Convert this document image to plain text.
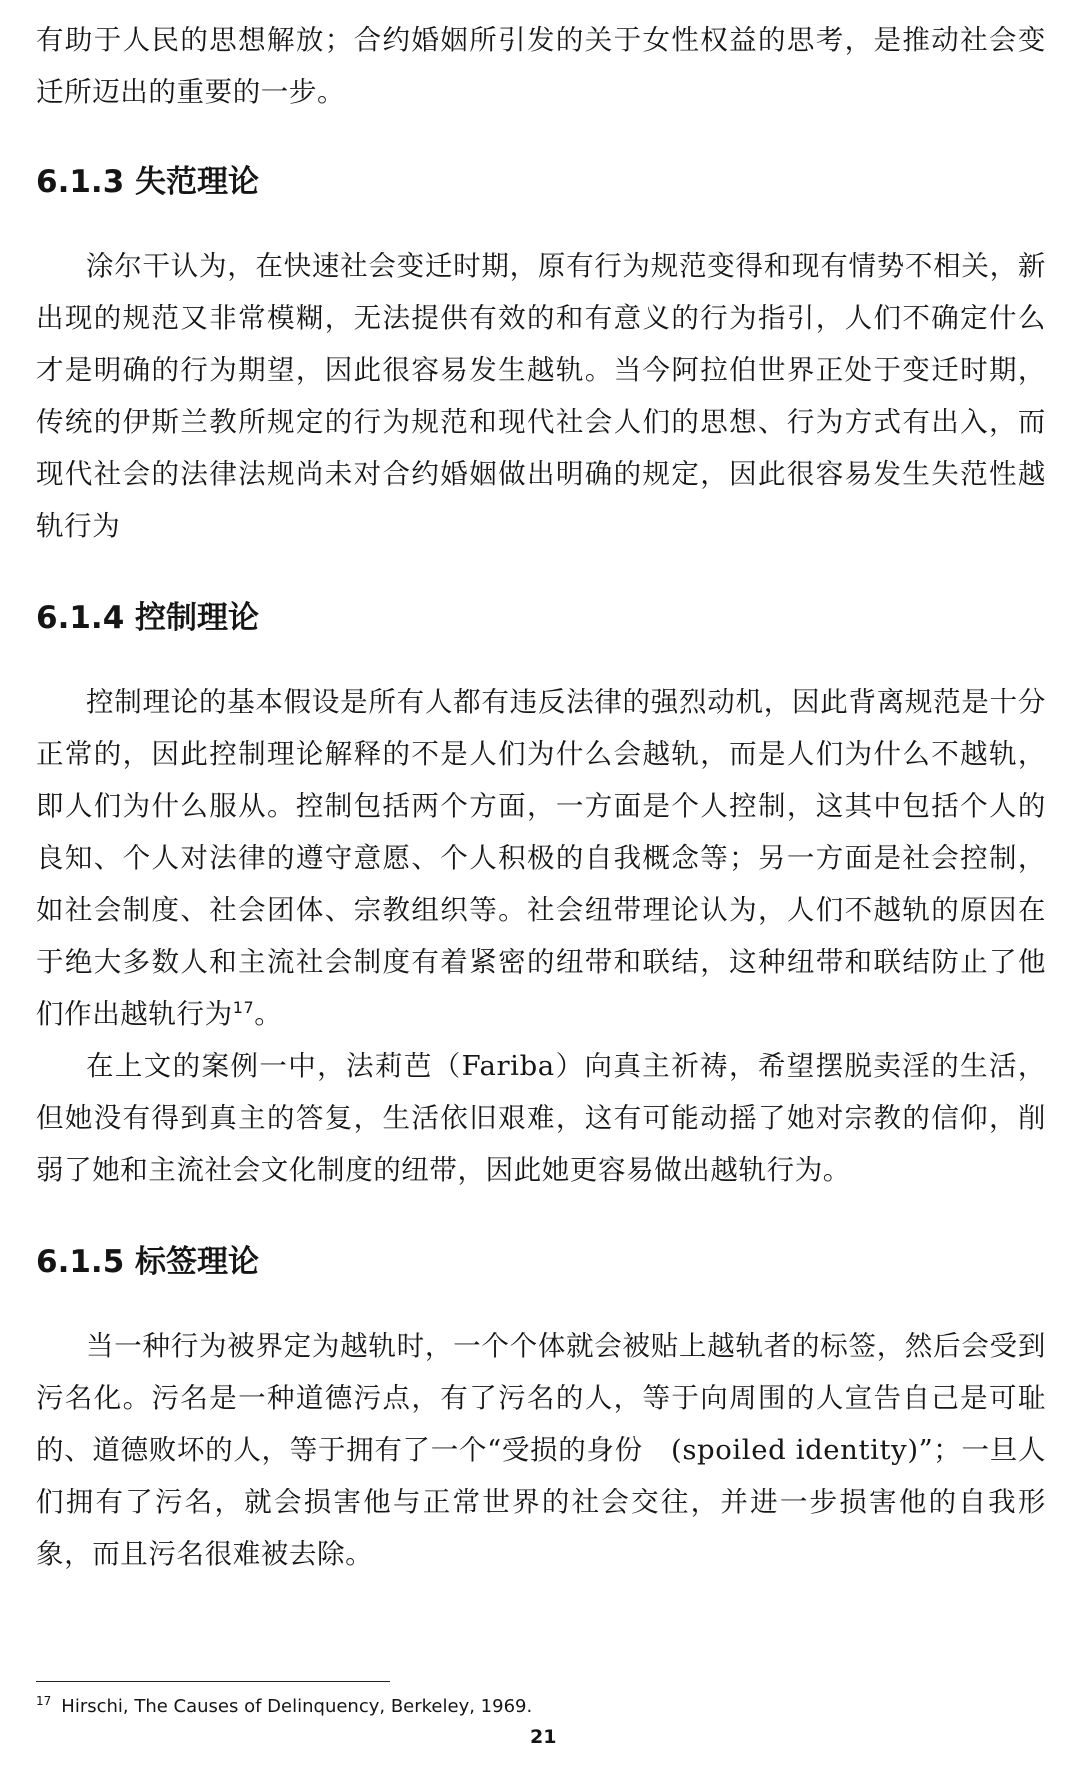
有助于人民的思想解放；合约婚姻所引发的关于女性权益的思考，是推动社会变迁所迈出的重要的一步。

6.1.3 失范理论

涂尔干认为，在快速社会变迁时期，原有行为规范变得和现有情势不相关，新出现的规范又非常模糊，无法提供有效的和有意义的行为指引，人们不确定什么才是明确的行为期望，因此很容易发生越轨。当今阿拉伯世界正处于变迁时期，传统的伊斯兰教所规定的行为规范和现代社会人们的思想、行为方式有出入，而现代社会的法律法规尚未对合约婚姻做出明确的规定，因此很容易发生失范性越轨行为

6.1.4 控制理论

控制理论的基本假设是所有人都有违反法律的强烈动机，因此背离规范是十分正常的，因此控制理论解释的不是人们为什么会越轨，而是人们为什么不越轨，即人们为什么服从。控制包括两个方面，一方面是个人控制，这其中包括个人的良知、个人对法律的遵守意愿、个人积极的自我概念等；另一方面是社会控制，如社会制度、社会团体、宗教组织等。社会纽带理论认为，人们不越轨的原因在于绝大多数人和主流社会制度有着紧密的纽带和联结，这种纽带和联结防止了他们作出越轨行为$^{17}$。

在上文的案例一中，法莉芭（Fariba）向真主祈祷，希望摆脱卖淫的生活，但她没有得到真主的答复，生活依旧艰难，这有可能动摇了她对宗教的信仰，削弱了她和主流社会文化制度的纽带，因此她更容易做出越轨行为。

6.1.5 标签理论

当一种行为被界定为越轨时，一个个体就会被贴上越轨者的标签，然后会受到污名化。污名是一种道德污点，有了污名的人，等于向周围的人宣告自己是可耻的、道德败坏的人，等于拥有了一个“受损的身份　(spoiled identity)”；一旦人们拥有了污名，就会损害他与正常世界的社会交往，并进一步损害他的自我形象，而且污名很难被去除。

$^{17}$ Hirschi, The Causes of Delinquency, Berkeley, 1969.
21
